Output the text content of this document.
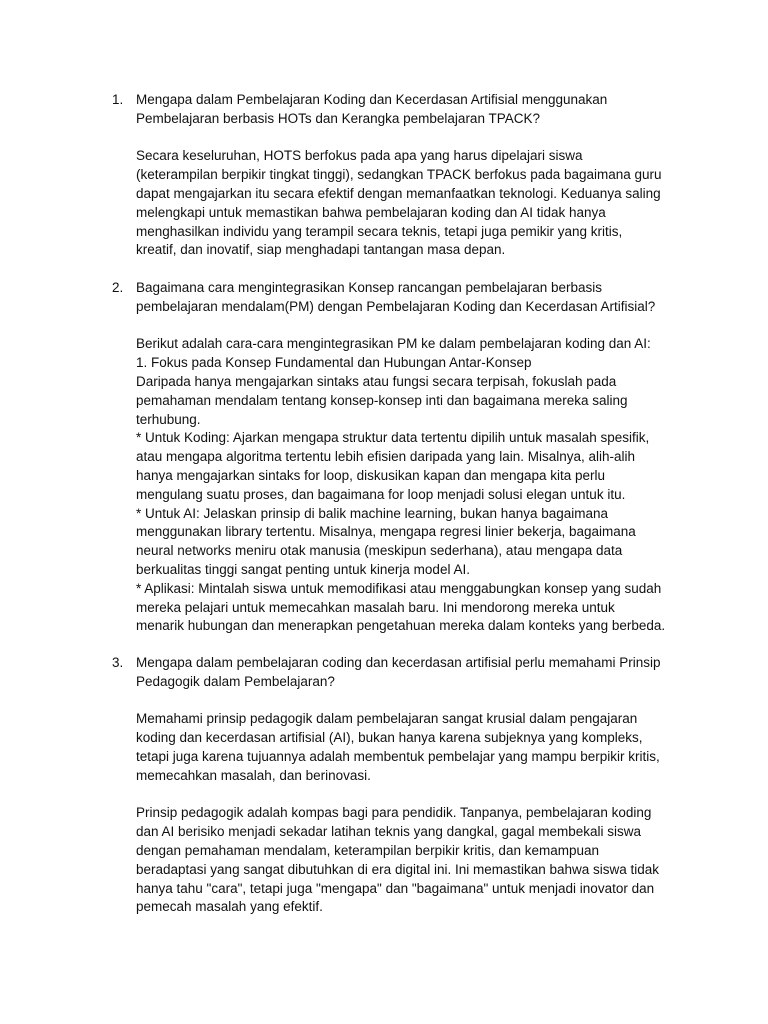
1. Mengapa dalam Pembelajaran Koding dan Kecerdasan Artifisial menggunakan
Pembelajaran berbasis HOTs dan Kerangka pembelajaran TPACK?
Secara keseluruhan, HOTS berfokus pada apa yang harus dipelajari siswa
(keterampilan berpikir tingkat tinggi), sedangkan TPACK berfokus pada bagaimana guru
dapat mengajarkan itu secara efektif dengan memanfaatkan teknologi. Keduanya saling
melengkapi untuk memastikan bahwa pembelajaran koding dan AI tidak hanya
menghasilkan individu yang terampil secara teknis, tetapi juga pemikir yang kritis,
kreatif, dan inovatif, siap menghadapi tantangan masa depan.
2. Bagaimana cara mengintegrasikan Konsep rancangan pembelajaran berbasis
pembelajaran mendalam(PM) dengan Pembelajaran Koding dan Kecerdasan Artifisial?
Berikut adalah cara-cara mengintegrasikan PM ke dalam pembelajaran koding dan AI:
1. Fokus pada Konsep Fundamental dan Hubungan Antar-Konsep
Daripada hanya mengajarkan sintaks atau fungsi secara terpisah, fokuslah pada
pemahaman mendalam tentang konsep-konsep inti dan bagaimana mereka saling
terhubung.
* Untuk Koding: Ajarkan mengapa struktur data tertentu dipilih untuk masalah spesifik,
atau mengapa algoritma tertentu lebih efisien daripada yang lain. Misalnya, alih-alih
hanya mengajarkan sintaks for loop, diskusikan kapan dan mengapa kita perlu
mengulang suatu proses, dan bagaimana for loop menjadi solusi elegan untuk itu.
* Untuk AI: Jelaskan prinsip di balik machine learning, bukan hanya bagaimana
menggunakan library tertentu. Misalnya, mengapa regresi linier bekerja, bagaimana
neural networks meniru otak manusia (meskipun sederhana), atau mengapa data
berkualitas tinggi sangat penting untuk kinerja model AI.
* Aplikasi: Mintalah siswa untuk memodifikasi atau menggabungkan konsep yang sudah
mereka pelajari untuk memecahkan masalah baru. Ini mendorong mereka untuk
menarik hubungan dan menerapkan pengetahuan mereka dalam konteks yang berbeda.
3. Mengapa dalam pembelajaran coding dan kecerdasan artifisial perlu memahami Prinsip
Pedagogik dalam Pembelajaran?
Memahami prinsip pedagogik dalam pembelajaran sangat krusial dalam pengajaran
koding dan kecerdasan artifisial (AI), bukan hanya karena subjeknya yang kompleks,
tetapi juga karena tujuannya adalah membentuk pembelajar yang mampu berpikir kritis,
memecahkan masalah, dan berinovasi.
Prinsip pedagogik adalah kompas bagi para pendidik. Tanpanya, pembelajaran koding
dan AI berisiko menjadi sekadar latihan teknis yang dangkal, gagal membekali siswa
dengan pemahaman mendalam, keterampilan berpikir kritis, dan kemampuan
beradaptasi yang sangat dibutuhkan di era digital ini. Ini memastikan bahwa siswa tidak
hanya tahu "cara", tetapi juga "mengapa" dan "bagaimana" untuk menjadi inovator dan
pemecah masalah yang efektif.
